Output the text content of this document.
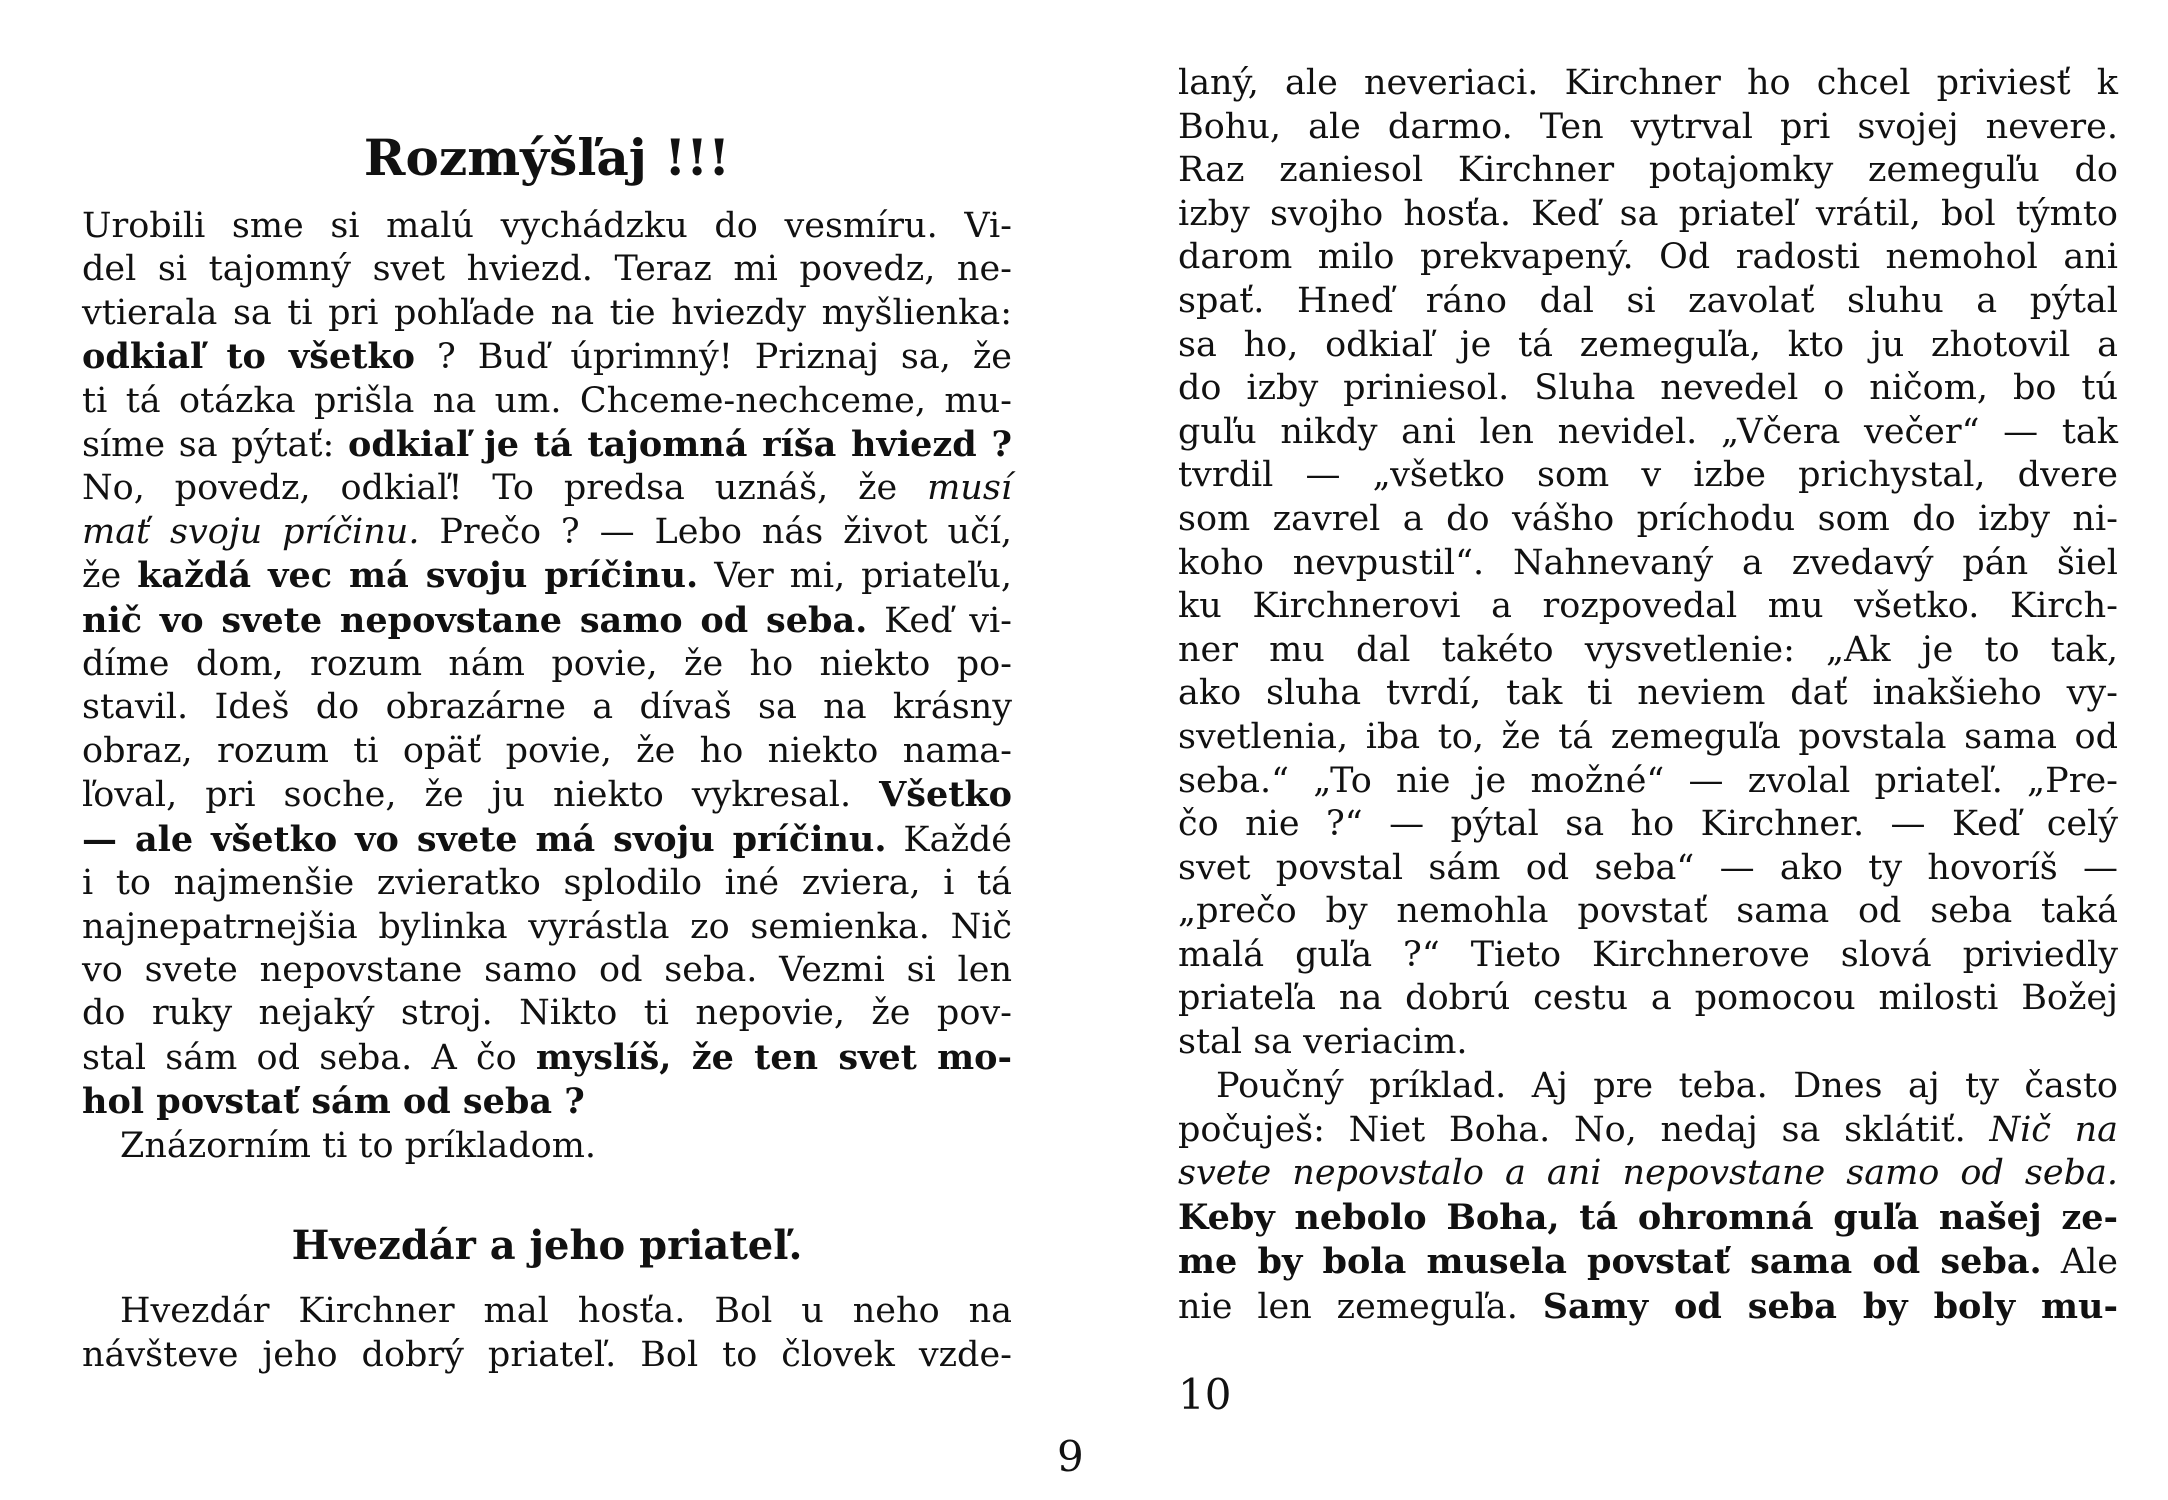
Rozmýšľaj !!!
Urobili sme si malú vychádzku do vesmíru. Vi-
del si tajomný svet hviezd. Teraz mi povedz, ne-
vtierala sa ti pri pohľade na tie hviezdy myšlienka:
odkiaľ to všetko ? Buď úprimný! Priznaj sa, že
ti tá otázka prišla na um. Chceme-nechceme, mu-
síme sa pýtať: odkiaľ je tá tajomná ríša hviezd ?
No, povedz, odkiaľ! To predsa uznáš, že musí
mať svoju príčinu. Prečo ? — Lebo nás život učí,
že každá vec má svoju príčinu. Ver mi, priateľu,
nič vo svete nepovstane samo od seba. Keď vi-
díme dom, rozum nám povie, že ho niekto po-
stavil. Ideš do obrazárne a dívaš sa na krásny
obraz, rozum ti opäť povie, že ho niekto nama-
ľoval, pri soche, že ju niekto vykresal. Všetko
— ale všetko vo svete má svoju príčinu. Každé
i to najmenšie zvieratko splodilo iné zviera, i tá
najnepatrnejšia bylinka vyrástla zo semienka. Nič
vo svete nepovstane samo od seba. Vezmi si len
do ruky nejaký stroj. Nikto ti nepovie, že pov-
stal sám od seba. A čo myslíš, že ten svet mo-
hol povstať sám od seba ?
Znázorním ti to príkladom.
Hvezdár a jeho priateľ.
Hvezdár Kirchner mal hosťa. Bol u neho na
návšteve jeho dobrý priateľ. Bol to človek vzde-
9
laný, ale neveriaci. Kirchner ho chcel priviesť k
Bohu, ale darmo. Ten vytrval pri svojej nevere.
Raz zaniesol Kirchner potajomky zemeguľu do
izby svojho hosťa. Keď sa priateľ vrátil, bol týmto
darom milo prekvapený. Od radosti nemohol ani
spať. Hneď ráno dal si zavolať sluhu a pýtal
sa ho, odkiaľ je tá zemeguľa, kto ju zhotovil a
do izby priniesol. Sluha nevedel o ničom, bo tú
guľu nikdy ani len nevidel. „Včera večer“ — tak
tvrdil — „všetko som v izbe prichystal, dvere
som zavrel a do vášho príchodu som do izby ni-
koho nevpustil“. Nahnevaný a zvedavý pán šiel
ku Kirchnerovi a rozpovedal mu všetko. Kirch-
ner mu dal takéto vysvetlenie: „Ak je to tak,
ako sluha tvrdí, tak ti neviem dať inakšieho vy-
svetlenia, iba to, že tá zemeguľa povstala sama od
seba.“ „To nie je možné“ — zvolal priateľ. „Pre-
čo nie ?“ — pýtal sa ho Kirchner. — Keď celý
svet povstal sám od seba“ — ako ty hovoríš —
„prečo by nemohla povstať sama od seba taká
malá guľa ?“ Tieto Kirchnerove slová priviedly
priateľa na dobrú cestu a pomocou milosti Božej
stal sa veriacim.
Poučný príklad. Aj pre teba. Dnes aj ty často
počuješ: Niet Boha. No, nedaj sa sklátiť. Nič na
svete nepovstalo a ani nepovstane samo od seba.
Keby nebolo Boha, tá ohromná guľa našej ze-
me by bola musela povstať sama od seba. Ale
nie len zemeguľa. Samy od seba by boly mu-
10
